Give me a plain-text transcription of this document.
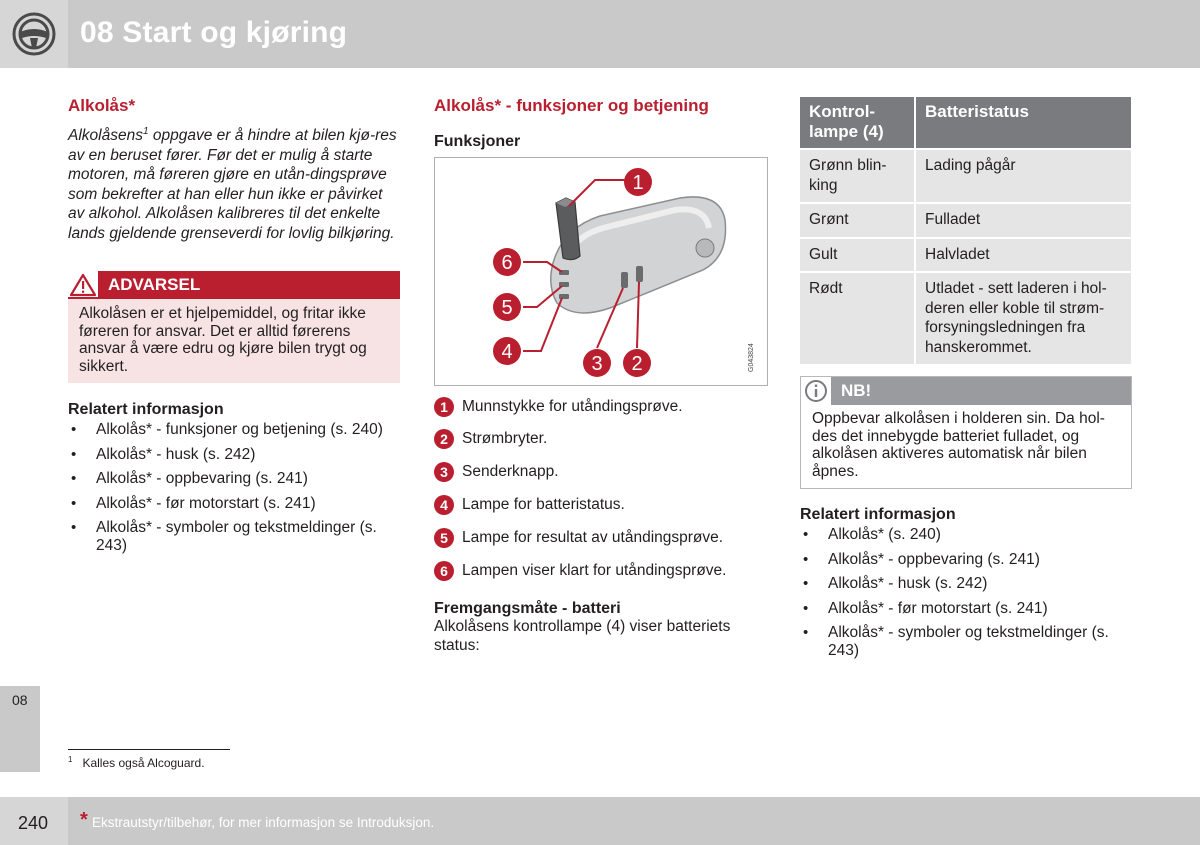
08 Start og kjøring
08
Alkolås*
Alkolåsens$^1$ oppgave er å hindre at bilen kjø-res av en beruset fører. Før det er mulig å starte motoren, må føreren gjøre en utån-dingsprøve som bekrefter at han eller hun ikke er påvirket av alkohol. Alkolåsen kalibreres til det enkelte lands gjeldende grenseverdi for lovlig bilkjøring.
ADVARSEL
Alkolåsen er et hjelpemiddel, og fritar ikke føreren for ansvar. Det er alltid førerens ansvar å være edru og kjøre bilen trygt og sikkert.
Relatert informasjon
• Alkolås* - funksjoner og betjening (s. 240)
• Alkolås* - husk (s. 242)
• Alkolås* - oppbevaring (s. 241)
• Alkolås* - før motorstart (s. 241)
• Alkolås* - symboler og tekstmeldinger (s. 243)
Alkolås* - funksjoner og betjening
Funksjoner
1
2
3
4
5
6
G043824
1 Munnstykke for utåndingsprøve.
2 Strømbryter.
3 Senderknapp.
4 Lampe for batteristatus.
5 Lampe for resultat av utåndingsprøve.
6 Lampen viser klart for utåndingsprøve.
Fremgangsmåte - batteri
Alkolåsens kontrollampe (4) viser batteriets status:
Kontrol-lampe (4)	Batteristatus
Grønn blin-king	Lading pågår
Grønt	Fulladet
Gult	Halvladet
Rødt	Utladet - sett laderen i hol-deren eller koble til strøm-forsyningsledningen fra hanskerommet.
NB!
Oppbevar alkolåsen i holderen sin. Da hol-des det innebygde batteriet fulladet, og alkolåsen aktiveres automatisk når bilen åpnes.
Relatert informasjon
• Alkolås* (s. 240)
• Alkolås* - oppbevaring (s. 241)
• Alkolås* - husk (s. 242)
• Alkolås* - før motorstart (s. 241)
• Alkolås* - symboler og tekstmeldinger (s. 243)
$^1$ Kalles også Alcoguard.
240	* Ekstrautstyr/tilbehør, for mer informasjon se Introduksjon.
